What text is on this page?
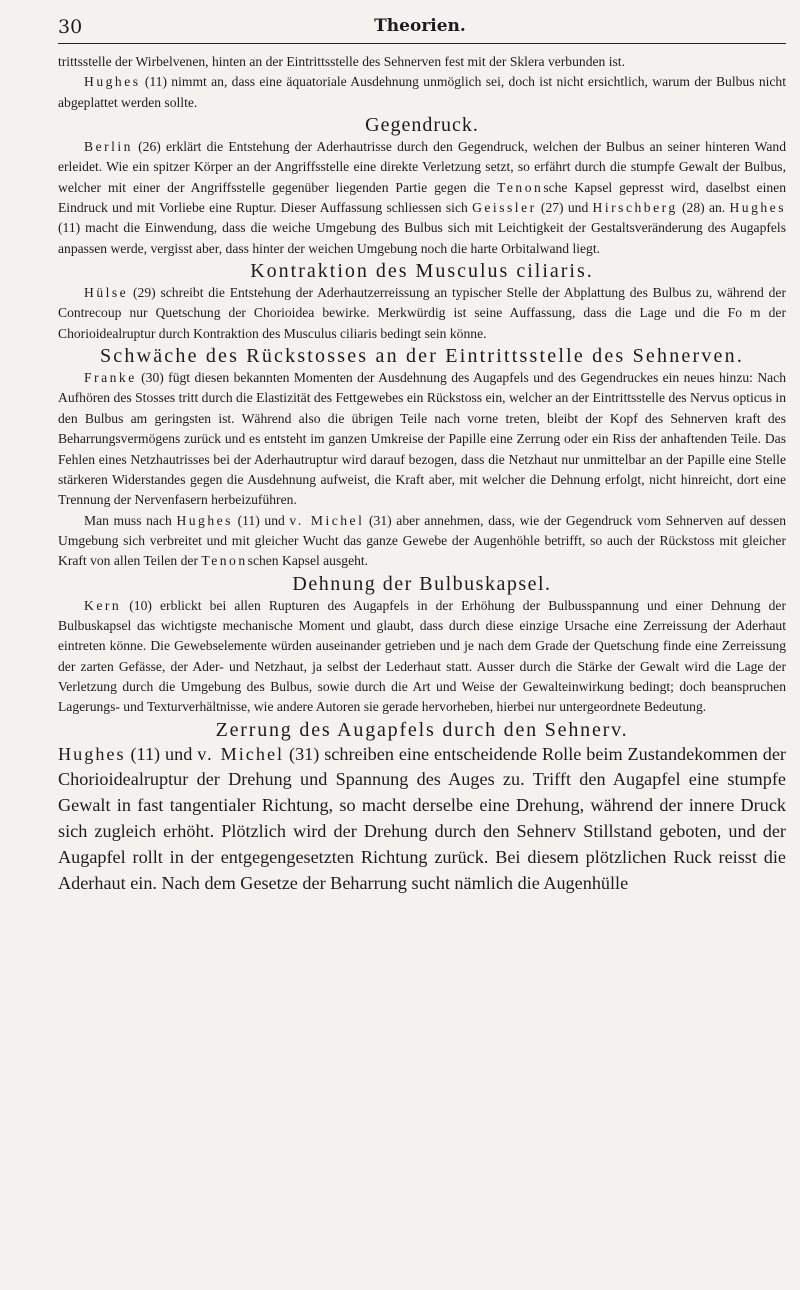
30	Theorien.

trittsstelle der Wirbelvenen, hinten an der Eintrittsstelle des Sehnerven fest mit der Sklera verbunden ist.

Hughes (11) nimmt an, dass eine äquatoriale Ausdehnung unmöglich sei, doch ist nicht ersichtlich, warum der Bulbus nicht abgeplattet werden sollte.

Gegendruck.

Berlin (26) erklärt die Entstehung der Aderhautrisse durch den Gegendruck, welchen der Bulbus an seiner hinteren Wand erleidet. Wie ein spitzer Körper an der Angriffsstelle eine direkte Verletzung setzt, so erfährt durch die stumpfe Gewalt der Bulbus, welcher mit einer der Angriffsstelle gegenüber liegenden Partie gegen die Tenonsche Kapsel gepresst wird, daselbst einen Eindruck und mit Vorliebe eine Ruptur. Dieser Auffassung schliessen sich Geissler (27) und Hirschberg (28) an. Hughes (11) macht die Einwendung, dass die weiche Umgebung des Bulbus sich mit Leichtigkeit der Gestaltsveränderung des Augapfels anpassen werde, vergisst aber, dass hinter der weichen Umgebung noch die harte Orbitalwand liegt.

Kontraktion des Musculus ciliaris.

Hülse (29) schreibt die Entstehung der Aderhautzerreissung an typischer Stelle der Abplattung des Bulbus zu, während der Contrecoup nur Quetschung der Chorioidea bewirke. Merkwürdig ist seine Auffassung, dass die Lage und die Fo m der Chorioidealruptur durch Kontraktion des Musculus ciliaris bedingt sein könne.

Schwäche des Rückstosses an der Eintrittsstelle des Sehnerven.

Franke (30) fügt diesen bekannten Momenten der Ausdehnung des Augapfels und des Gegendruckes ein neues hinzu: Nach Aufhören des Stosses tritt durch die Elastizität des Fettgewebes ein Rückstoss ein, welcher an der Eintrittsstelle des Nervus opticus in den Bulbus am geringsten ist. Während also die übrigen Teile nach vorne treten, bleibt der Kopf des Sehnerven kraft des Beharrungsvermögens zurück und es entsteht im ganzen Umkreise der Papille eine Zerrung oder ein Riss der anhaftenden Teile. Das Fehlen eines Netzhautrisses bei der Aderhautruptur wird darauf bezogen, dass die Netzhaut nur unmittelbar an der Papille eine Stelle stärkeren Widerstandes gegen die Ausdehnung aufweist, die Kraft aber, mit welcher die Dehnung erfolgt, nicht hinreicht, dort eine Trennung der Nervenfasern herbeizuführen.

Man muss nach Hughes (11) und v. Michel (31) aber annehmen, dass, wie der Gegendruck vom Sehnerven auf dessen Umgebung sich verbreitet und mit gleicher Wucht das ganze Gewebe der Augenhöhle betrifft, so auch der Rückstoss mit gleicher Kraft von allen Teilen der Tenonschen Kapsel ausgeht.

Dehnung der Bulbuskapsel.

Kern (10) erblickt bei allen Rupturen des Augapfels in der Erhöhung der Bulbusspannung und einer Dehnung der Bulbuskapsel das wichtigste mechanische Moment und glaubt, dass durch diese einzige Ursache eine Zerreissung der Aderhaut eintreten könne. Die Gewebselemente würden auseinander getrieben und je nach dem Grade der Quetschung finde eine Zerreissung der zarten Gefässe, der Ader- und Netzhaut, ja selbst der Lederhaut statt. Ausser durch die Stärke der Gewalt wird die Lage der Verletzung durch die Umgebung des Bulbus, sowie durch die Art und Weise der Gewalteinwirkung bedingt; doch beanspruchen Lagerungs- und Texturverhältnisse, wie andere Autoren sie gerade hervorheben, hierbei nur untergeordnete Bedeutung.

Zerrung des Augapfels durch den Sehnerv.

Hughes (11) und v. Michel (31) schreiben eine entscheidende Rolle beim Zustandekommen der Chorioidealruptur der Drehung und Spannung des Auges zu. Trifft den Augapfel eine stumpfe Gewalt in fast tangentialer Richtung, so macht derselbe eine Drehung, während der innere Druck sich zugleich erhöht. Plötzlich wird der Drehung durch den Sehnerv Stillstand geboten, und der Augapfel rollt in der entgegengesetzten Richtung zurück. Bei diesem plötzlichen Ruck reisst die Aderhaut ein. Nach dem Gesetze der Beharrung sucht nämlich die Augenhülle
